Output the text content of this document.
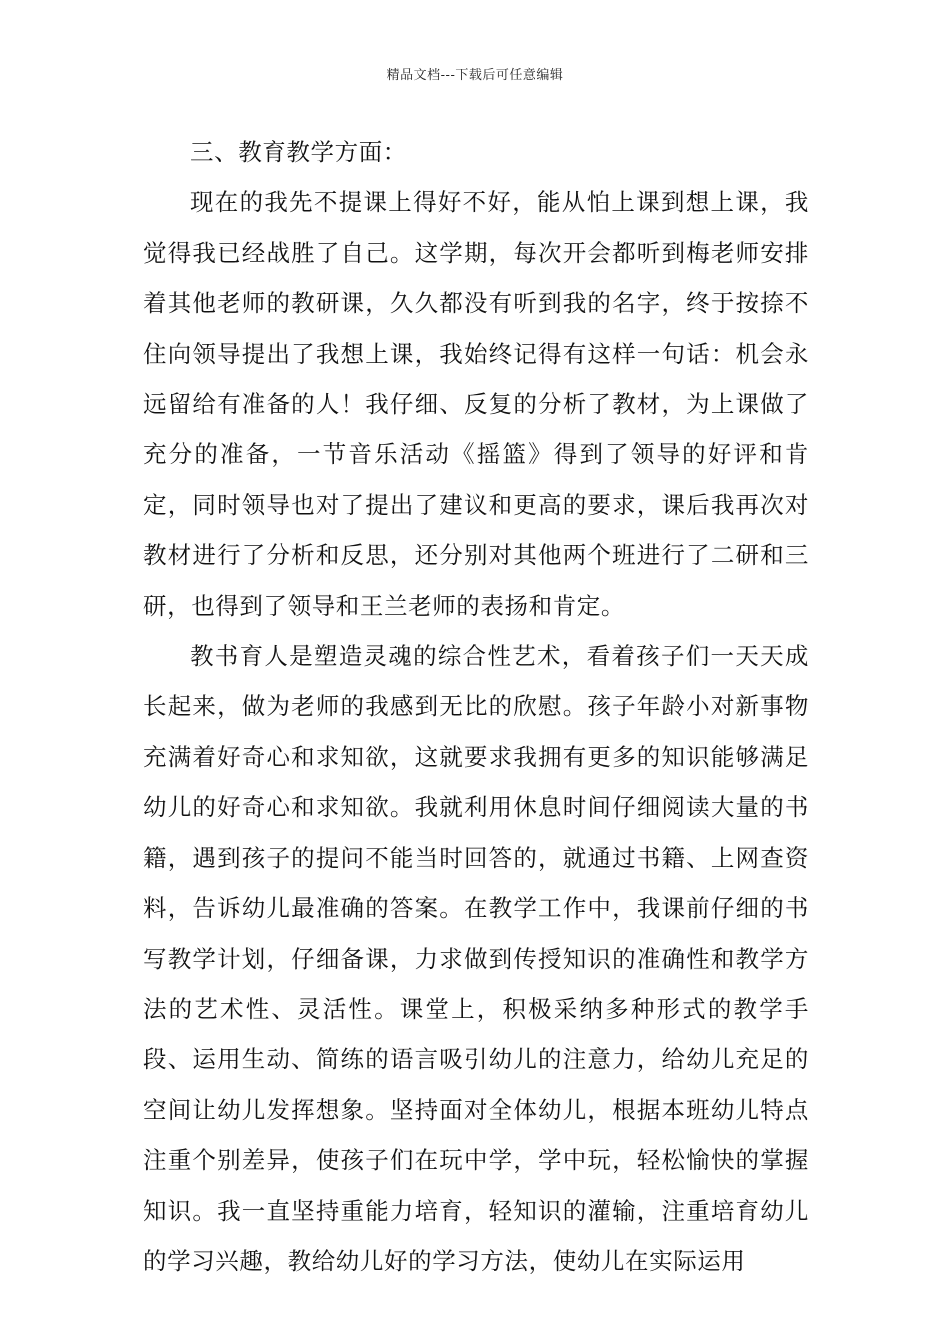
精品文档---下载后可任意编辑

三、教育教学方面：

现在的我先不提课上得好不好，能从怕上课到想上课，我觉得我已经战胜了自己。这学期，每次开会都听到梅老师安排着其他老师的教研课，久久都没有听到我的名字，终于按捺不住向领导提出了我想上课，我始终记得有这样一句话：机会永远留给有准备的人！我仔细、反复的分析了教材，为上课做了充分的准备，一节音乐活动《摇篮》得到了领导的好评和肯定，同时领导也对了提出了建议和更高的要求，课后我再次对教材进行了分析和反思，还分别对其他两个班进行了二研和三研，也得到了领导和王兰老师的表扬和肯定。

教书育人是塑造灵魂的综合性艺术，看着孩子们一天天成长起来，做为老师的我感到无比的欣慰。孩子年龄小对新事物充满着好奇心和求知欲，这就要求我拥有更多的知识能够满足幼儿的好奇心和求知欲。我就利用休息时间仔细阅读大量的书籍，遇到孩子的提问不能当时回答的，就通过书籍、上网查资料，告诉幼儿最准确的答案。在教学工作中，我课前仔细的书写教学计划，仔细备课，力求做到传授知识的准确性和教学方法的艺术性、灵活性。课堂上，积极采纳多种形式的教学手段、运用生动、简练的语言吸引幼儿的注意力，给幼儿充足的空间让幼儿发挥想象。坚持面对全体幼儿，根据本班幼儿特点注重个别差异，使孩子们在玩中学，学中玩，轻松愉快的掌握知识。我一直坚持重能力培育，轻知识的灌输，注重培育幼儿的学习兴趣，教给幼儿好的学习方法，使幼儿在实际运用
